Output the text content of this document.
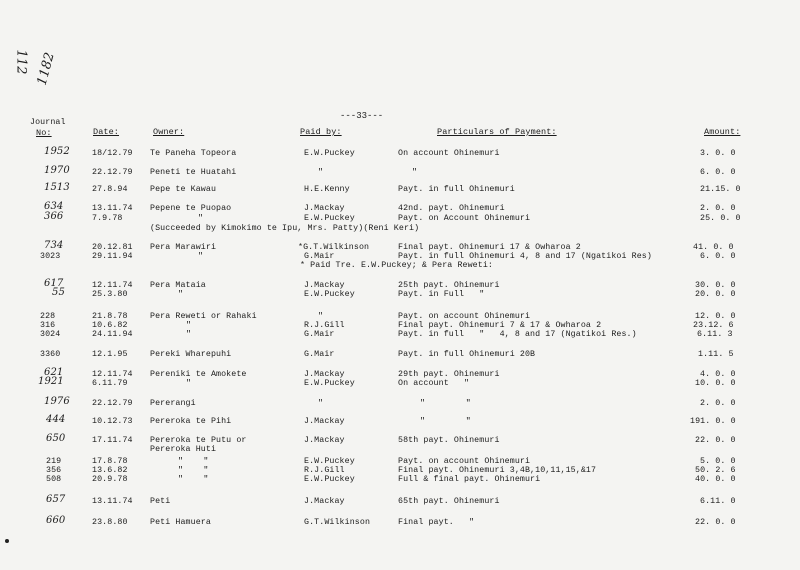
112 1182
---33---
Journal
No:	Date:	Owner:	Paid by:	Particulars of Payment:	Amount:
1952	18/12.79 Te Paneha Topeora	E.W.Puckey	On account Ohinemuri	3. 0. 0
1970	22.12.79 Peneti te Huatahi	"	"	6. 0. 0
1513	27.8.94	Pepe te Kawau	H.E.Kenny	Payt. in full Ohinemuri	21.15. 0
634	13.11.74 Pepene te Puopao	J.Mackay	42nd. payt. Ohinemuri	2. 0. 0
366	7.9.78	"	E.W.Puckey	Payt. on Account Ohinemuri	25. 0. 0
(Succeeded by Kimokimo te Ipu, Mrs. Patty)(Reni Keri)
734	20.12.81 Pera Marawiri	*G.T.Wilkinson	Final payt. Ohinemuri 17 & Owharoa 2	41. 0. 0
3023	29.11.94	"	G.Mair	Payt. in full Ohinemuri 4, 8 and 17 (Ngatikoi Res)	6. 0. 0
* Paid Tre. E.W.Puckey; & Pera Reweti:
617	12.11.74 Pera Mataia	J.Mackay	25th payt. Ohinemuri	30. 0. 0
55	25.3.80	"	E.W.Puckey	Payt. in Full   "	20. 0. 0
228	21.8.78	Pera Reweti or Rahaki	"	Payt. on account Ohinemuri	12. 0. 0
316	10.6.82	"	R.J.Gill	Final payt. Ohinemuri 7 & 17 & Owharoa 2	23.12. 6
3024	24.11.94	"	G.Mair	Payt. in full   "   4, 8 and 17 (Ngatikoi Res.)	6.11. 3
3360	12.1.95	Pereki Wharepuhi	G.Mair	Payt. in full Ohinemuri 20B	1.11. 5
621	12.11.74 Pereniki te Amokete	J.Mackay	29th payt. Ohinemuri	4. 0. 0
1921	6.11.79	"	E.W.Puckey	On account   "	10. 0. 0
1976	22.12.79 Pererangi	"	"        "	2. 0. 0
444	10.12.73 Pereroka te Pihi	J.Mackay	"        "	191. 0. 0
650	17.11.74 Pereroka te Putu or	J.Mackay	58th payt. Ohinemuri	22. 0. 0
Pereroka Huti
219	17.8.78	"    "	E.W.Puckey	Payt. on account Ohinemuri	5. 0. 0
356	13.6.82	"    "	R.J.Gill	Final payt. Ohinemuri 3,4B,10,11,15,&17	50. 2. 6
508	20.9.78	"    "	E.W.Puckey	Full & final payt. Ohinemuri	40. 0. 0
657	13.11.74 Peti	J.Mackay	65th payt. Ohinemuri	6.11. 0
660	23.8.80	Peti Hamuera	G.T.Wilkinson	Final payt.   "	22. 0. 0
